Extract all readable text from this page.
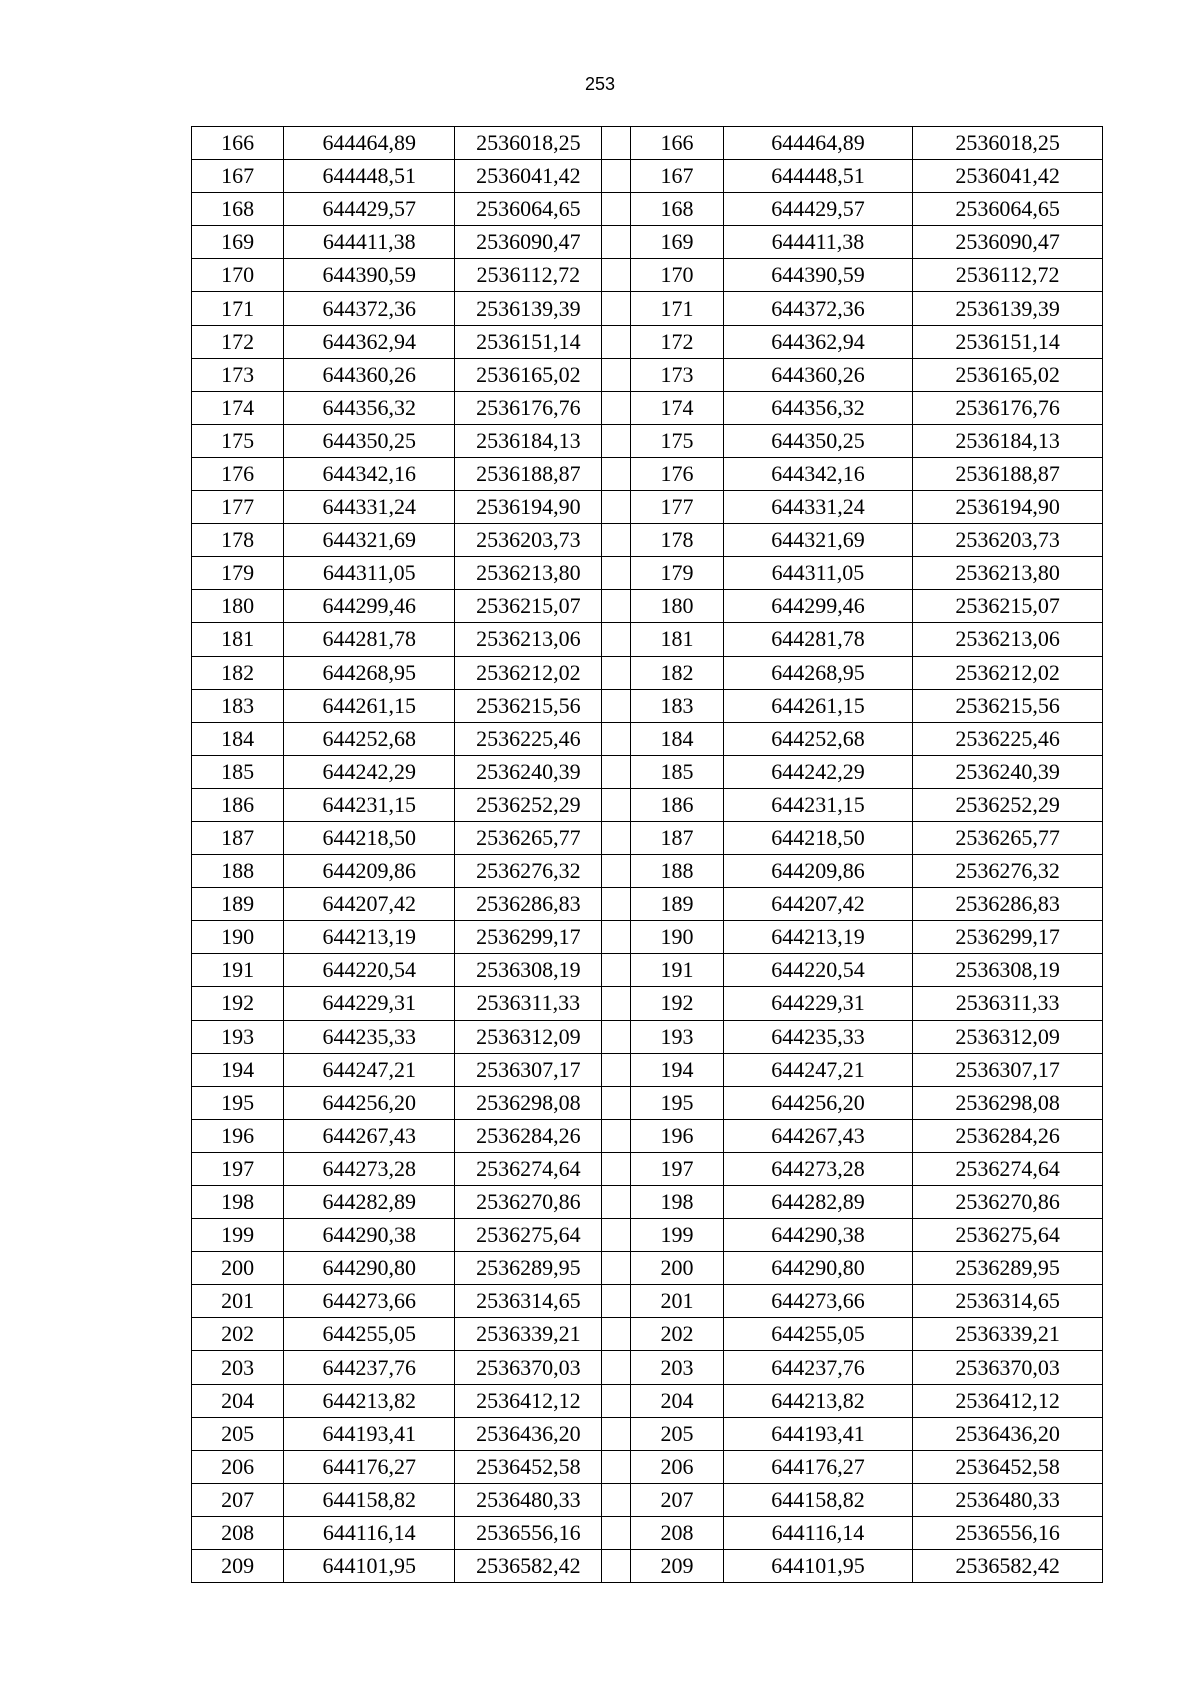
253
166	644464,89	2536018,25		166	644464,89	2536018,25
167	644448,51	2536041,42		167	644448,51	2536041,42
168	644429,57	2536064,65		168	644429,57	2536064,65
169	644411,38	2536090,47		169	644411,38	2536090,47
170	644390,59	2536112,72		170	644390,59	2536112,72
171	644372,36	2536139,39		171	644372,36	2536139,39
172	644362,94	2536151,14		172	644362,94	2536151,14
173	644360,26	2536165,02		173	644360,26	2536165,02
174	644356,32	2536176,76		174	644356,32	2536176,76
175	644350,25	2536184,13		175	644350,25	2536184,13
176	644342,16	2536188,87		176	644342,16	2536188,87
177	644331,24	2536194,90		177	644331,24	2536194,90
178	644321,69	2536203,73		178	644321,69	2536203,73
179	644311,05	2536213,80		179	644311,05	2536213,80
180	644299,46	2536215,07		180	644299,46	2536215,07
181	644281,78	2536213,06		181	644281,78	2536213,06
182	644268,95	2536212,02		182	644268,95	2536212,02
183	644261,15	2536215,56		183	644261,15	2536215,56
184	644252,68	2536225,46		184	644252,68	2536225,46
185	644242,29	2536240,39		185	644242,29	2536240,39
186	644231,15	2536252,29		186	644231,15	2536252,29
187	644218,50	2536265,77		187	644218,50	2536265,77
188	644209,86	2536276,32		188	644209,86	2536276,32
189	644207,42	2536286,83		189	644207,42	2536286,83
190	644213,19	2536299,17		190	644213,19	2536299,17
191	644220,54	2536308,19		191	644220,54	2536308,19
192	644229,31	2536311,33		192	644229,31	2536311,33
193	644235,33	2536312,09		193	644235,33	2536312,09
194	644247,21	2536307,17		194	644247,21	2536307,17
195	644256,20	2536298,08		195	644256,20	2536298,08
196	644267,43	2536284,26		196	644267,43	2536284,26
197	644273,28	2536274,64		197	644273,28	2536274,64
198	644282,89	2536270,86		198	644282,89	2536270,86
199	644290,38	2536275,64		199	644290,38	2536275,64
200	644290,80	2536289,95		200	644290,80	2536289,95
201	644273,66	2536314,65		201	644273,66	2536314,65
202	644255,05	2536339,21		202	644255,05	2536339,21
203	644237,76	2536370,03		203	644237,76	2536370,03
204	644213,82	2536412,12		204	644213,82	2536412,12
205	644193,41	2536436,20		205	644193,41	2536436,20
206	644176,27	2536452,58		206	644176,27	2536452,58
207	644158,82	2536480,33		207	644158,82	2536480,33
208	644116,14	2536556,16		208	644116,14	2536556,16
209	644101,95	2536582,42		209	644101,95	2536582,42
